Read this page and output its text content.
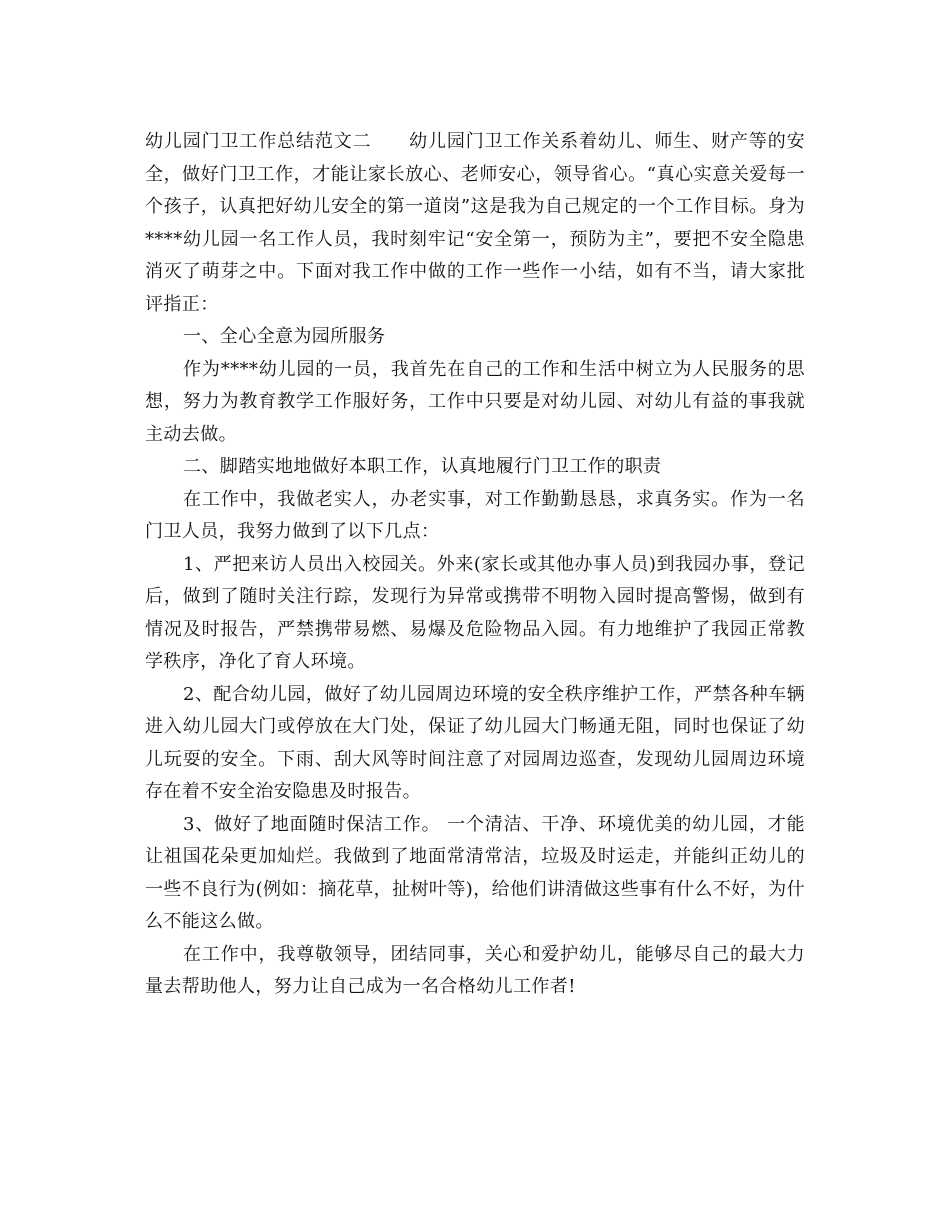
幼儿园门卫工作总结范文二　　幼儿园门卫工作关系着幼儿、师生、财产等的安全，做好门卫工作，才能让家长放心、老师安心，领导省心。“真心实意关爱每一个孩子，认真把好幼儿安全的第一道岗”这是我为自己规定的一个工作目标。身为****幼儿园一名工作人员，我时刻牢记“安全第一，预防为主”，要把不安全隐患消灭了萌芽之中。下面对我工作中做的工作一些作一小结，如有不当，请大家批评指正：

一、全心全意为园所服务

作为****幼儿园的一员，我首先在自己的工作和生活中树立为人民服务的思想，努力为教育教学工作服好务，工作中只要是对幼儿园、对幼儿有益的事我就主动去做。

二、脚踏实地地做好本职工作，认真地履行门卫工作的职责

在工作中，我做老实人，办老实事，对工作勤勤恳恳，求真务实。作为一名门卫人员，我努力做到了以下几点：

1、严把来访人员出入校园关。外来(家长或其他办事人员)到我园办事，登记后，做到了随时关注行踪，发现行为异常或携带不明物入园时提高警惕，做到有情况及时报告，严禁携带易燃、易爆及危险物品入园。有力地维护了我园正常教学秩序，净化了育人环境。

2、配合幼儿园，做好了幼儿园周边环境的安全秩序维护工作，严禁各种车辆进入幼儿园大门或停放在大门处，保证了幼儿园大门畅通无阻，同时也保证了幼儿玩耍的安全。下雨、刮大风等时间注意了对园周边巡查，发现幼儿园周边环境存在着不安全治安隐患及时报告。

3、做好了地面随时保洁工作。 一个清洁、干净、环境优美的幼儿园，才能让祖国花朵更加灿烂。我做到了地面常清常洁，垃圾及时运走，并能纠正幼儿的一些不良行为(例如：摘花草，扯树叶等)，给他们讲清做这些事有什么不好，为什么不能这么做。

在工作中，我尊敬领导，团结同事，关心和爱护幼儿，能够尽自己的最大力量去帮助他人，努力让自己成为一名合格幼儿工作者!
